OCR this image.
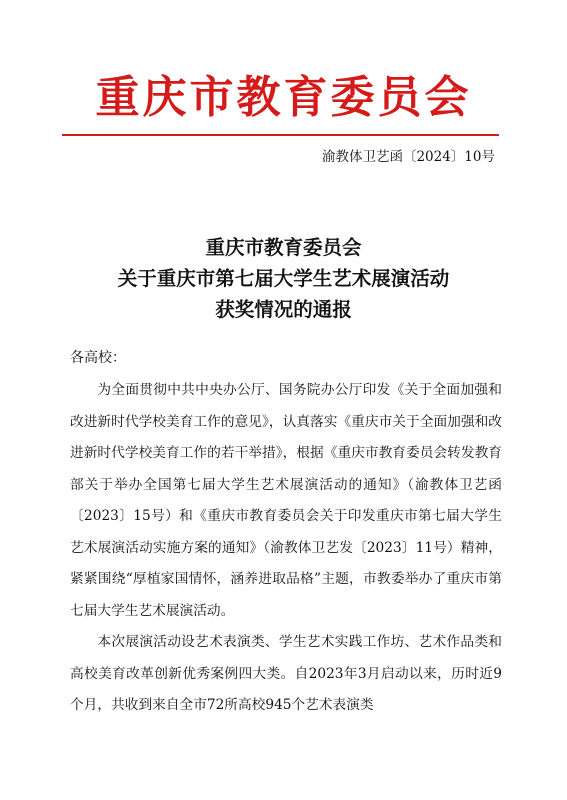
重庆市教育委员会
渝教体卫艺函〔2024〕10号
重庆市教育委员会
关于重庆市第七届大学生艺术展演活动
获奖情况的通报
各高校：

为全面贯彻中共中央办公厅、国务院办公厅印发《关于全面加强和改进新时代学校美育工作的意见》，认真落实《重庆市关于全面加强和改进新时代学校美育工作的若干举措》，根据《重庆市教育委员会转发教育部关于举办全国第七届大学生艺术展演活动的通知》（渝教体卫艺函〔2023〕15号）和《重庆市教育委员会关于印发重庆市第七届大学生艺术展演活动实施方案的通知》（渝教体卫艺发〔2023〕11号）精神，紧紧围绕“厚植家国情怀，涵养进取品格”主题，市教委举办了重庆市第七届大学生艺术展演活动。

本次展演活动设艺术表演类、学生艺术实践工作坊、艺术作品类和高校美育改革创新优秀案例四大类。自2023年3月启动以来，历时近9个月，共收到来自全市72所高校945个艺术表演类
